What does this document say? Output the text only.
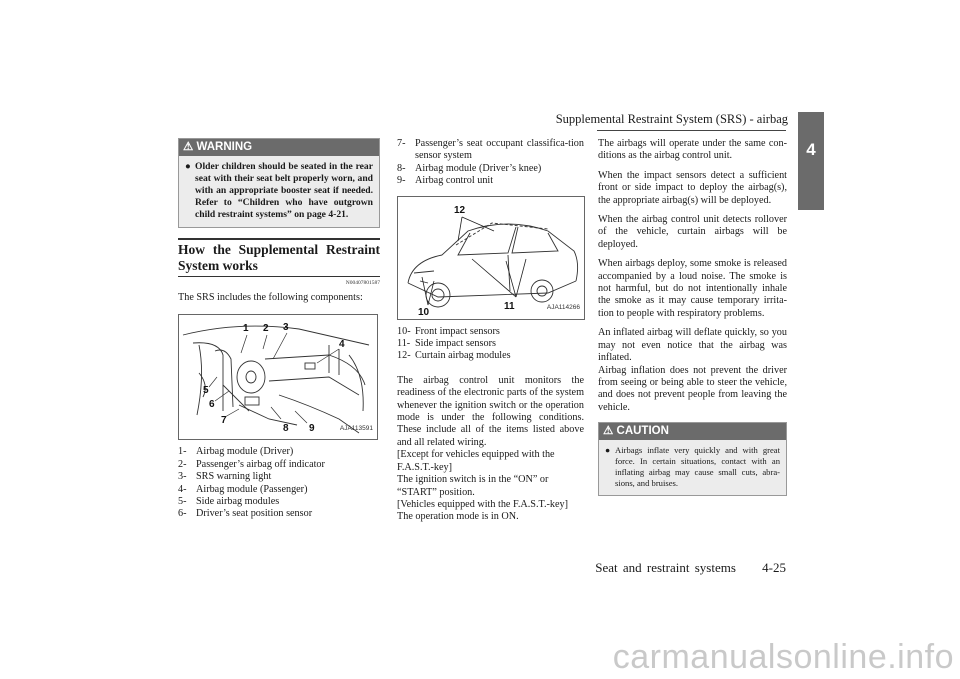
Supplemental Restraint System (SRS) - airbag
4
⚠ WARNING
● Older children should be seated in the rear seat with their seat belt properly worn, and with an appropriate booster seat if needed. Refer to “Children who have outgrown child restraint systems” on page 4-21.
How the Supplemental Restraint System works
N00407801587

The SRS includes the following components:

1 2 3
4
5
6
7
8 9	AJA113591
1- Airbag module (Driver)
2- Passenger’s airbag off indicator
3- SRS warning light
4- Airbag module (Passenger)
5- Side airbag modules
6- Driver’s seat position sensor
7- Passenger’s seat occupant classifica-tion sensor system
8- Airbag module (Driver’s knee)
9- Airbag control unit
12
10
11	AJA114266
10- Front impact sensors
11- Side impact sensors
12- Curtain airbag modules

The airbag control unit monitors the readiness of the electronic parts of the system whenever the ignition switch or the operation mode is under the following conditions. These include all of the items listed above and all related wiring.

[Except for vehicles equipped with the F.A.S.T.-key]

The ignition switch is in the “ON” or “START” position.

[Vehicles equipped with the F.A.S.T.-key]

The operation mode is in ON.

The airbags will operate under the same con-ditions as the airbag control unit.

When the impact sensors detect a sufficient front or side impact to deploy the airbag(s), the appropriate airbag(s) will be deployed.

When the airbag control unit detects rollover of the vehicle, curtain airbags will be deployed.

When airbags deploy, some smoke is released accompanied by a loud noise. The smoke is not harmful, but do not intentionally inhale the smoke as it may cause temporary irrita-tion to people with respiratory problems.

An inflated airbag will deflate quickly, so you may not even notice that the airbag was inflated.

Airbag inflation does not prevent the driver from seeing or being able to steer the vehicle, and does not prevent people from leaving the vehicle.

⚠ CAUTION
● Airbags inflate very quickly and with great force. In certain situations, contact with an inflating airbag may cause small cuts, abra-sions, and bruises.
Seat and restraint systems 4-25
carmanualsonline.info
